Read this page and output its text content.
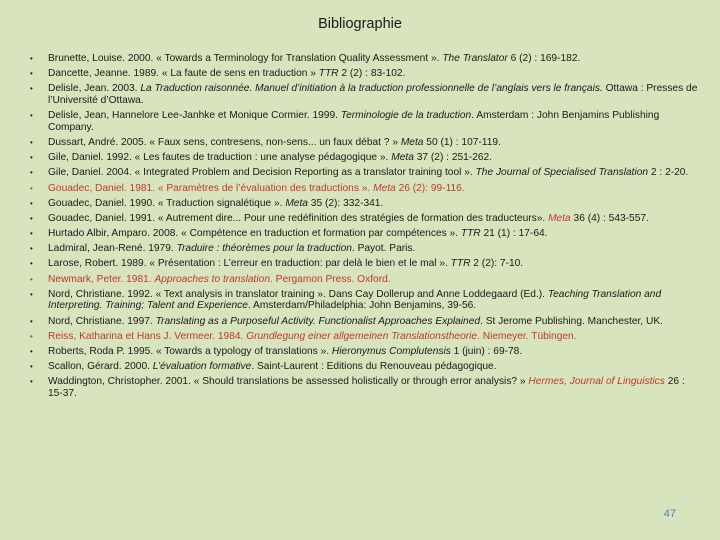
Bibliographie
•	Brunette, Louise. 2000. « Towards a Terminology for Translation Quality Assessment ». The Translator 6 (2) : 169-182.
•	Dancette, Jeanne. 1989. « La faute de sens en traduction » TTR 2 (2) : 83-102.
•	Delisle, Jean. 2003. La Traduction raisonnée. Manuel d’initiation à la traduction professionnelle de l’anglais vers le français. Ottawa : Presses de l’Université d’Ottawa.
•	Delisle, Jean, Hannelore Lee-Janhke et Monique Cormier. 1999. Terminologie de la traduction. Amsterdam : John Benjamins Publishing Company.
•	Dussart, André. 2005. « Faux sens, contresens, non-sens... un faux débat ? » Meta 50 (1) : 107-119.
•	Gile, Daniel. 1992. « Les fautes de traduction : une analyse pédagogique ». Meta 37 (2) : 251-262.
•	Gile, Daniel. 2004. « Integrated Problem and Decision Reporting as a translator training tool ». The Journal of Specialised Translation 2 : 2-20.
•	Gouadec, Daniel. 1981. « Paramètres de l’évaluation des traductions ». Meta 26 (2): 99-116.
•	Gouadec, Daniel. 1990. « Traduction signalétique ». Meta 35 (2): 332-341.
•	Gouadec, Daniel. 1991. « Autrement dire... Pour une redéfinition des stratégies de formation des traducteurs». Meta 36 (4) : 543-557.
•	Hurtado Albir, Amparo. 2008. « Compétence en traduction et formation par compétences ». TTR 21 (1) : 17-64.
•	Ladmiral, Jean-René. 1979. Traduire : théorèmes pour la traduction. Payot. Paris.
•	Larose, Robert. 1989. « Présentation : L’erreur en traduction: par delà le bien et le mal ». TTR 2 (2): 7-10.
•	Newmark, Peter. 1981. Approaches to translation. Pergamon Press. Oxford.
•	Nord, Christiane. 1992. « Text analysis in translator training ». Dans Cay Dollerup and Anne Loddegaard (Ed.). Teaching Translation and Interpreting. Training; Talent and Experience. Amsterdam/Philadelphia: John Benjamins, 39-56.
•	Nord, Christiane. 1997. Translating as a Purposeful Activity. Functionalist Approaches Explained. St Jerome Publishing. Manchester, UK.
•	Reiss, Katharina et Hans J. Vermeer. 1984. Grundlegung einer allgemeinen Translationstheorie. Niemeyer. Tübingen.
•	Roberts, Roda P. 1995. « Towards a typology of translations ». Hieronymus Complutensis 1 (juin) : 69-78.
•	Scallon, Gérard. 2000. L’évaluation formative. Saint-Laurent : Editions du Renouveau pédagogique.
•	Waddington, Christopher. 2001. « Should translations be assessed holistically or through error analysis? » Hermes, Journal of Linguistics 26 : 15-37.
47
